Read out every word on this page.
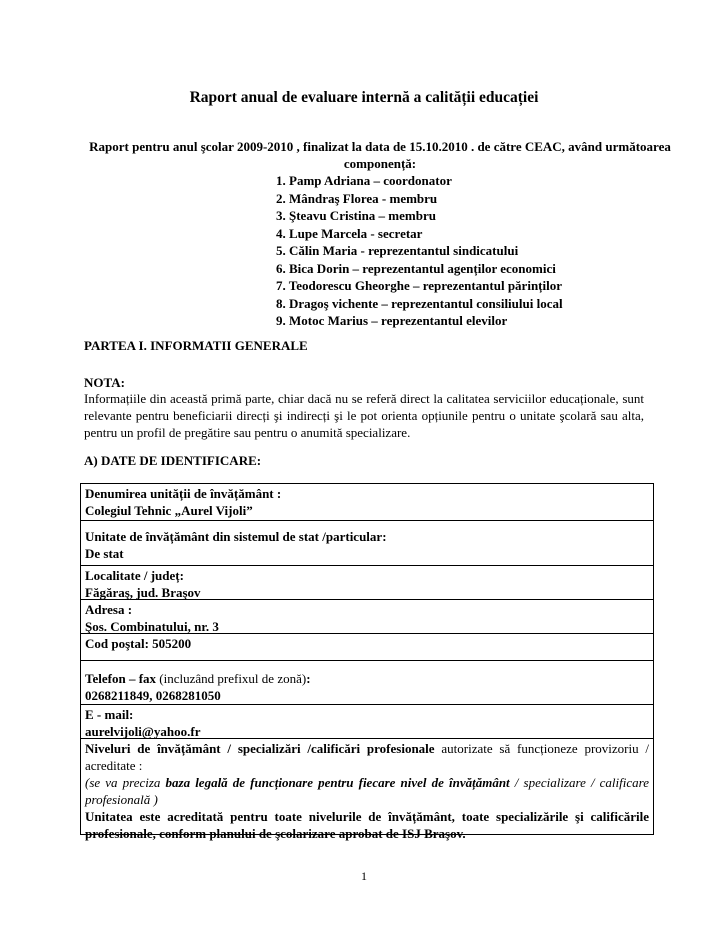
Raport anual de evaluare internă a calității educației
Raport pentru anul şcolar 2009-2010 , finalizat la data de 15.10.2010 . de către CEAC, având următoarea componență:
1. Pamp Adriana – coordonator
2. Mândraş Florea - membru
3. Şteavu Cristina – membru
4. Lupe Marcela - secretar
5. Călin Maria - reprezentantul sindicatului
6. Bica Dorin – reprezentantul agenților economici
7. Teodorescu Gheorghe – reprezentantul părinților
8. Dragoş vichente – reprezentantul consiliului local
9. Motoc Marius – reprezentantul elevilor
PARTEA I. INFORMATII GENERALE
NOTA:
Informațiile din această primă parte, chiar dacă nu se referă direct la calitatea serviciilor educaționale, sunt relevante pentru beneficiarii direcți şi indirecți şi le pot orienta opțiunile pentru o unitate şcolară sau alta, pentru un profil de pregătire sau pentru o anumită specializare.
A) DATE DE IDENTIFICARE:
Denumirea unității de învățământ :
Colegiul Tehnic „Aurel Vijoli”
Unitate de învățământ din sistemul de stat /particular:
De stat
Localitate / județ:
Făgăraş, jud. Braşov
Adresa :
Şos. Combinatului, nr. 3
Cod poştal: 505200
Telefon – fax (incluzând prefixul de zonă):
0268211849, 0268281050
E - mail:
aurelvijoli@yahoo.fr
Niveluri de învățământ / specializări /calificări profesionale autorizate să funcționeze provizoriu / acreditate :
(se va preciza baza legală de funcționare pentru fiecare nivel de învățământ / specializare / calificare profesională )
Unitatea este acreditată pentru toate nivelurile de învățământ, toate specializările şi calificările profesionale, conform planului de şcolarizare aprobat de ISJ Braşov.
1
